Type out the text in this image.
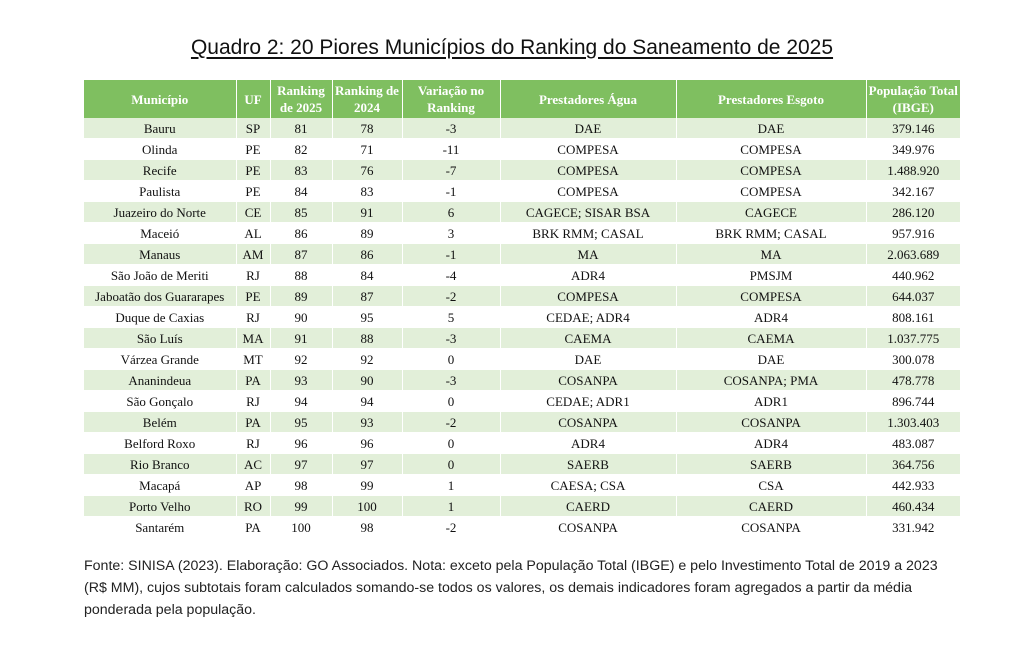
Quadro 2: 20 Piores Municípios do Ranking do Saneamento de 2025
Município	UF	Ranking de 2025	Ranking de 2024	Variação no Ranking	Prestadores Água	Prestadores Esgoto	População Total (IBGE)
Bauru	SP	81	78	-3	DAE	DAE	379.146
Olinda	PE	82	71	-11	COMPESA	COMPESA	349.976
Recife	PE	83	76	-7	COMPESA	COMPESA	1.488.920
Paulista	PE	84	83	-1	COMPESA	COMPESA	342.167
Juazeiro do Norte	CE	85	91	6	CAGECE; SISAR BSA	CAGECE	286.120
Maceió	AL	86	89	3	BRK RMM; CASAL	BRK RMM; CASAL	957.916
Manaus	AM	87	86	-1	MA	MA	2.063.689
São João de Meriti	RJ	88	84	-4	ADR4	PMSJM	440.962
Jaboatão dos Guararapes	PE	89	87	-2	COMPESA	COMPESA	644.037
Duque de Caxias	RJ	90	95	5	CEDAE; ADR4	ADR4	808.161
São Luís	MA	91	88	-3	CAEMA	CAEMA	1.037.775
Várzea Grande	MT	92	92	0	DAE	DAE	300.078
Ananindeua	PA	93	90	-3	COSANPA	COSANPA; PMA	478.778
São Gonçalo	RJ	94	94	0	CEDAE; ADR1	ADR1	896.744
Belém	PA	95	93	-2	COSANPA	COSANPA	1.303.403
Belford Roxo	RJ	96	96	0	ADR4	ADR4	483.087
Rio Branco	AC	97	97	0	SAERB	SAERB	364.756
Macapá	AP	98	99	1	CAESA; CSA	CSA	442.933
Porto Velho	RO	99	100	1	CAERD	CAERD	460.434
Santarém	PA	100	98	-2	COSANPA	COSANPA	331.942
Fonte: SINISA (2023). Elaboração: GO Associados. Nota: exceto pela População Total (IBGE) e pelo Investimento Total de 2019 a 2023 (R$ MM), cujos subtotais foram calculados somando-se todos os valores, os demais indicadores foram agregados a partir da média ponderada pela população.
